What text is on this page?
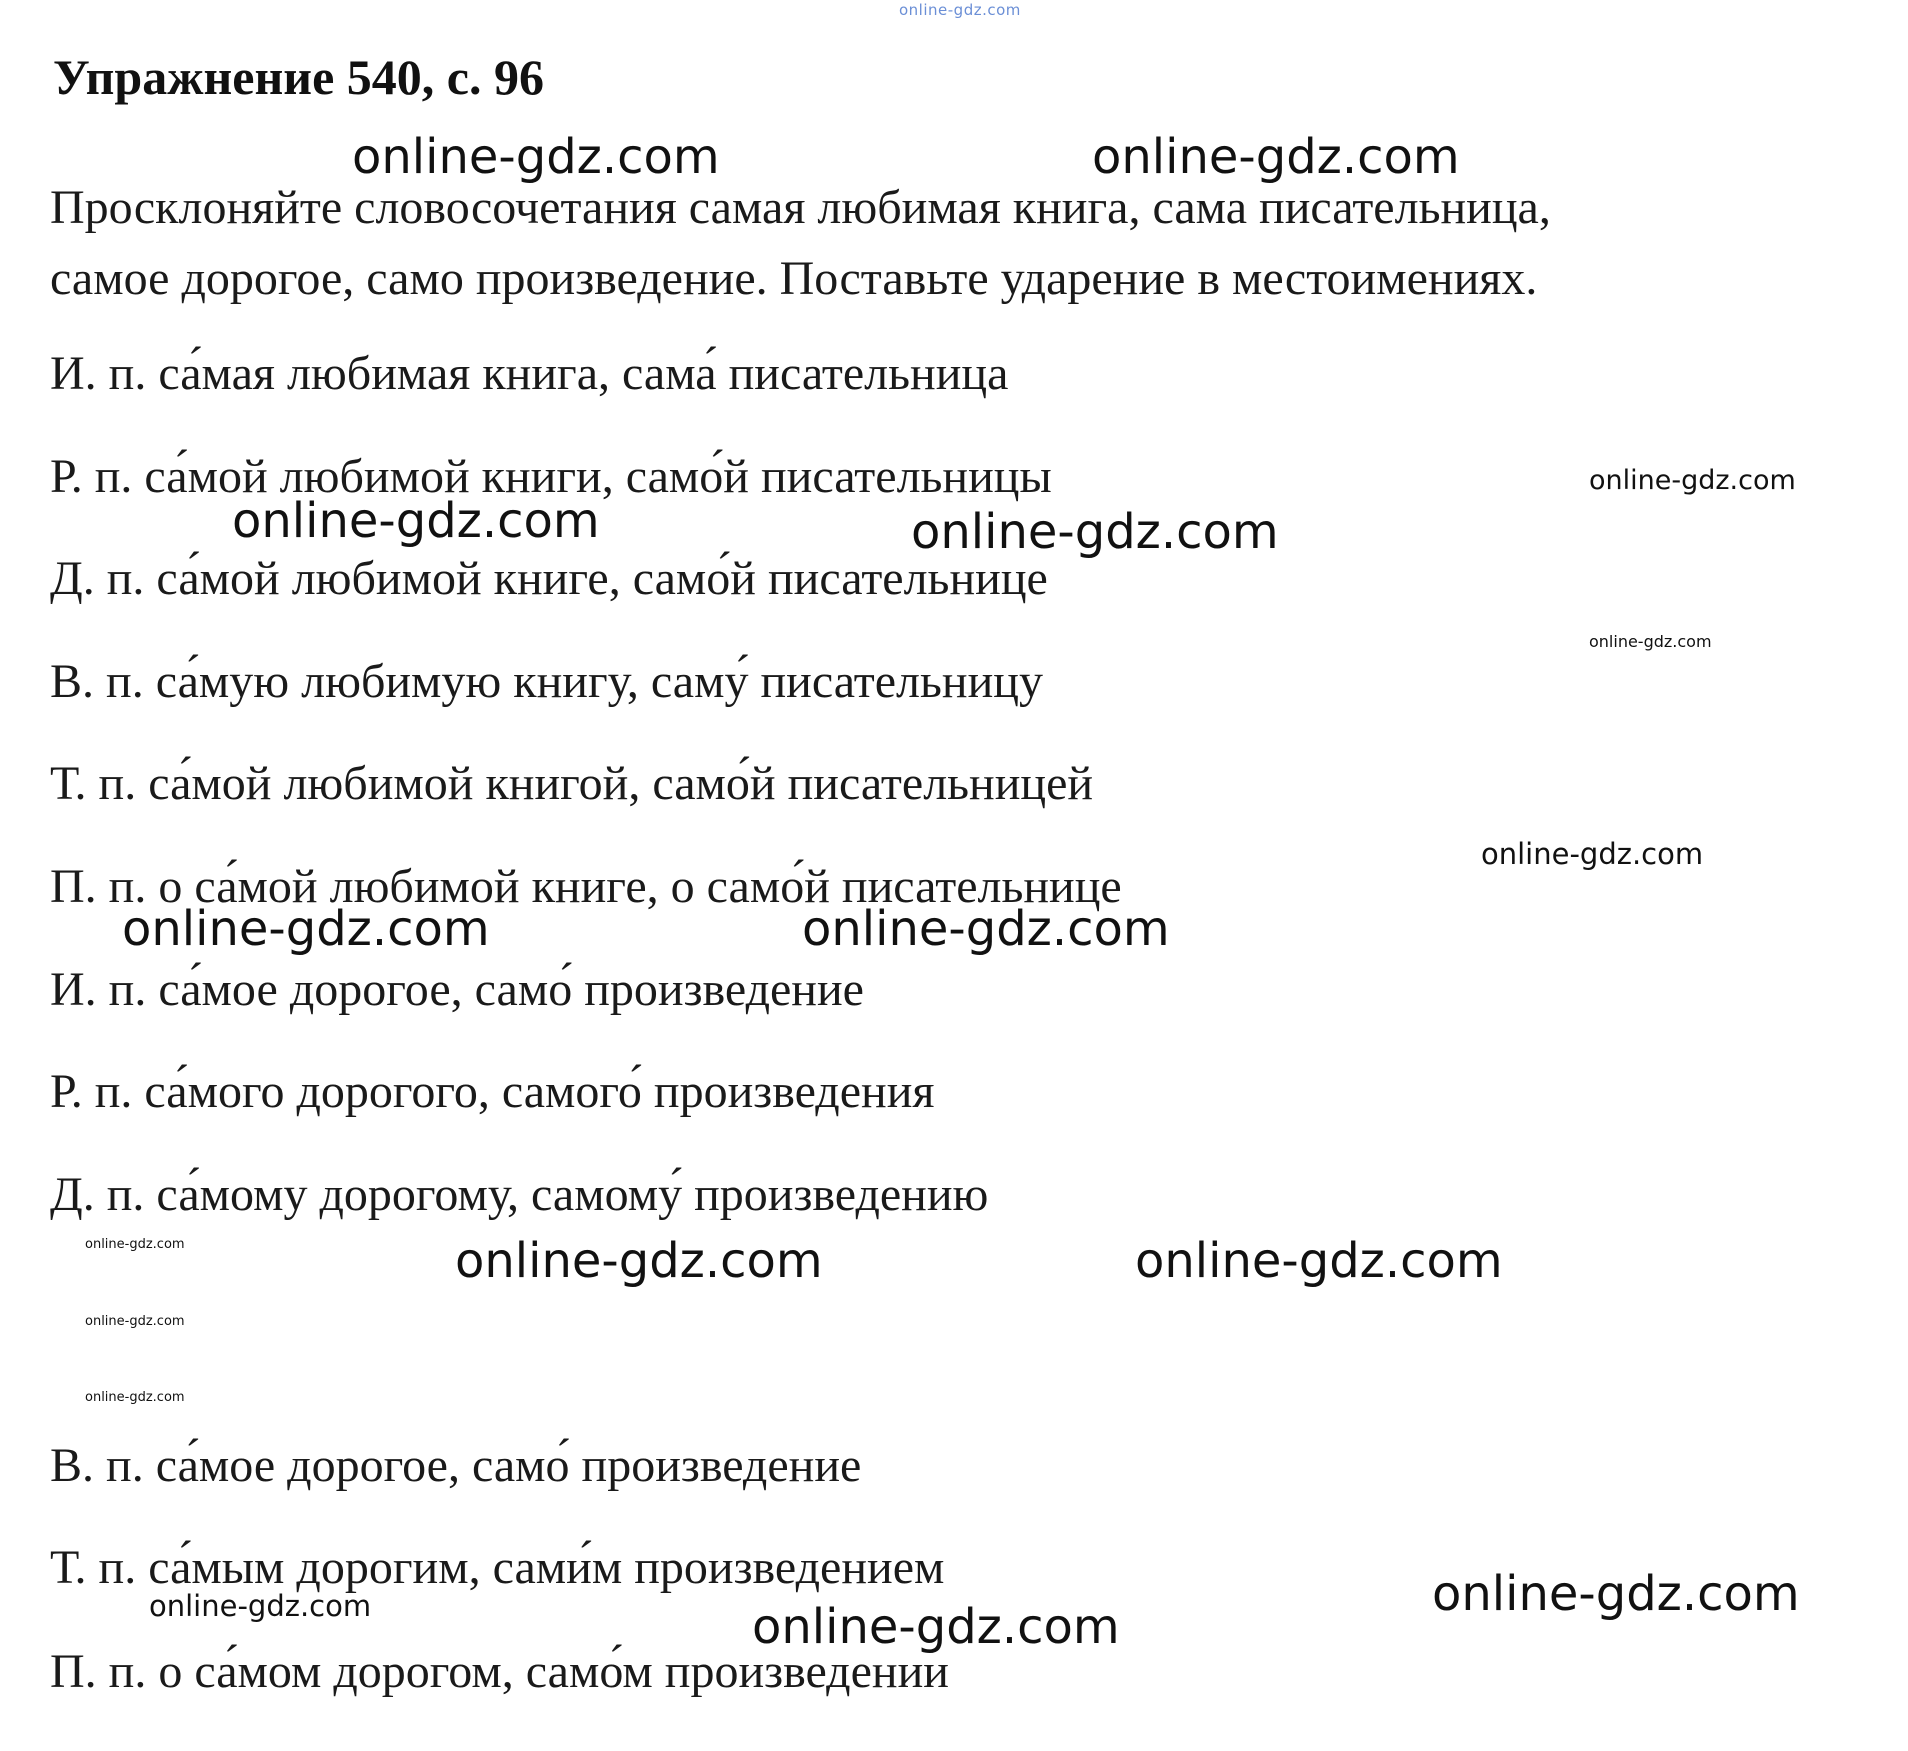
online-gdz.com
Упражнение 540, с. 96
Просклоняйте словосочетания самая любимая книга, сама писательница,
самое дорогое, само произведение. Поставьте ударение в местоимениях.
И. п. са́мая любимая книга, сама́ писательница
Р. п. са́мой любимой книги, само́й писательницы
Д. п. са́мой любимой книге, само́й писательнице
В. п. са́мую любимую книгу, саму́ писательницу
Т. п. са́мой любимой книгой, само́й писательницей
П. п. о са́мой любимой книге, о само́й писательнице
И. п. са́мое дорогое, само́ произведение
Р. п. са́мого дорогого, самого́ произведения
Д. п. са́мому дорогому, самому́ произведению
В. п. са́мое дорогое, само́ произведение
Т. п. са́мым дорогим, сами́м произведением
П. п. о са́мом дорогом, само́м произведении
online-gdz.com	online-gdz.com
online-gdz.com	online-gdz.com
online-gdz.com	online-gdz.com
online-gdz.com	online-gdz.com
online-gdz.com
online-gdz.com
online-gdz.com
online-gdz.com
online-gdz.com
online-gdz.com
online-gdz.com
online-gdz.com
online-gdz.com
